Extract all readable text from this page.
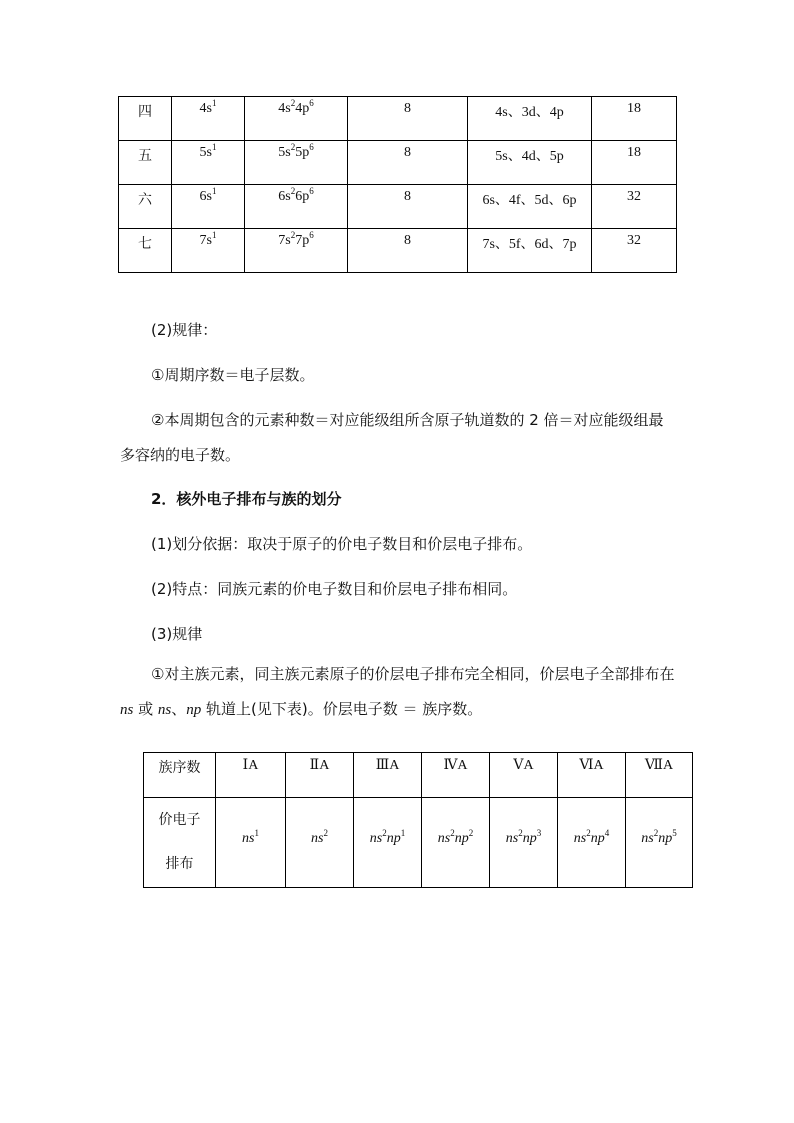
四	$4s^1$	$4s^24p^6$	8	4s、3d、4p	18
五	$5s^1$	$5s^25p^6$	8	5s、4d、5p	18
六	$6s^1$	$6s^26p^6$	8	6s、4f、5d、6p	32
七	$7s^1$	$7s^27p^6$	8	7s、5f、6d、7p	32

(2)规律：

①周期序数＝电子层数。

②本周期包含的元素种数＝对应能级组所含原子轨道数的 2 倍＝对应能级组最多容纳的电子数。

2．核外电子排布与族的划分

(1)划分依据：取决于原子的价电子数目和价层电子排布。

(2)特点：同族元素的价电子数目和价层电子排布相同。

(3)规律

①对主族元素，同主族元素原子的价层电子排布完全相同，价层电子全部排布在 ns 或 ns、np 轨道上(见下表)。价层电子数 ＝ 族序数。

族序数	ⅠA	ⅡA	ⅢA	ⅣA	ⅤA	ⅥA	ⅦA

价电子
排布	$ns^1$	$ns^2$	$ns^2np^1$	$ns^2np^2$	$ns^2np^3$	$ns^2np^4$	$ns^2np^5$
